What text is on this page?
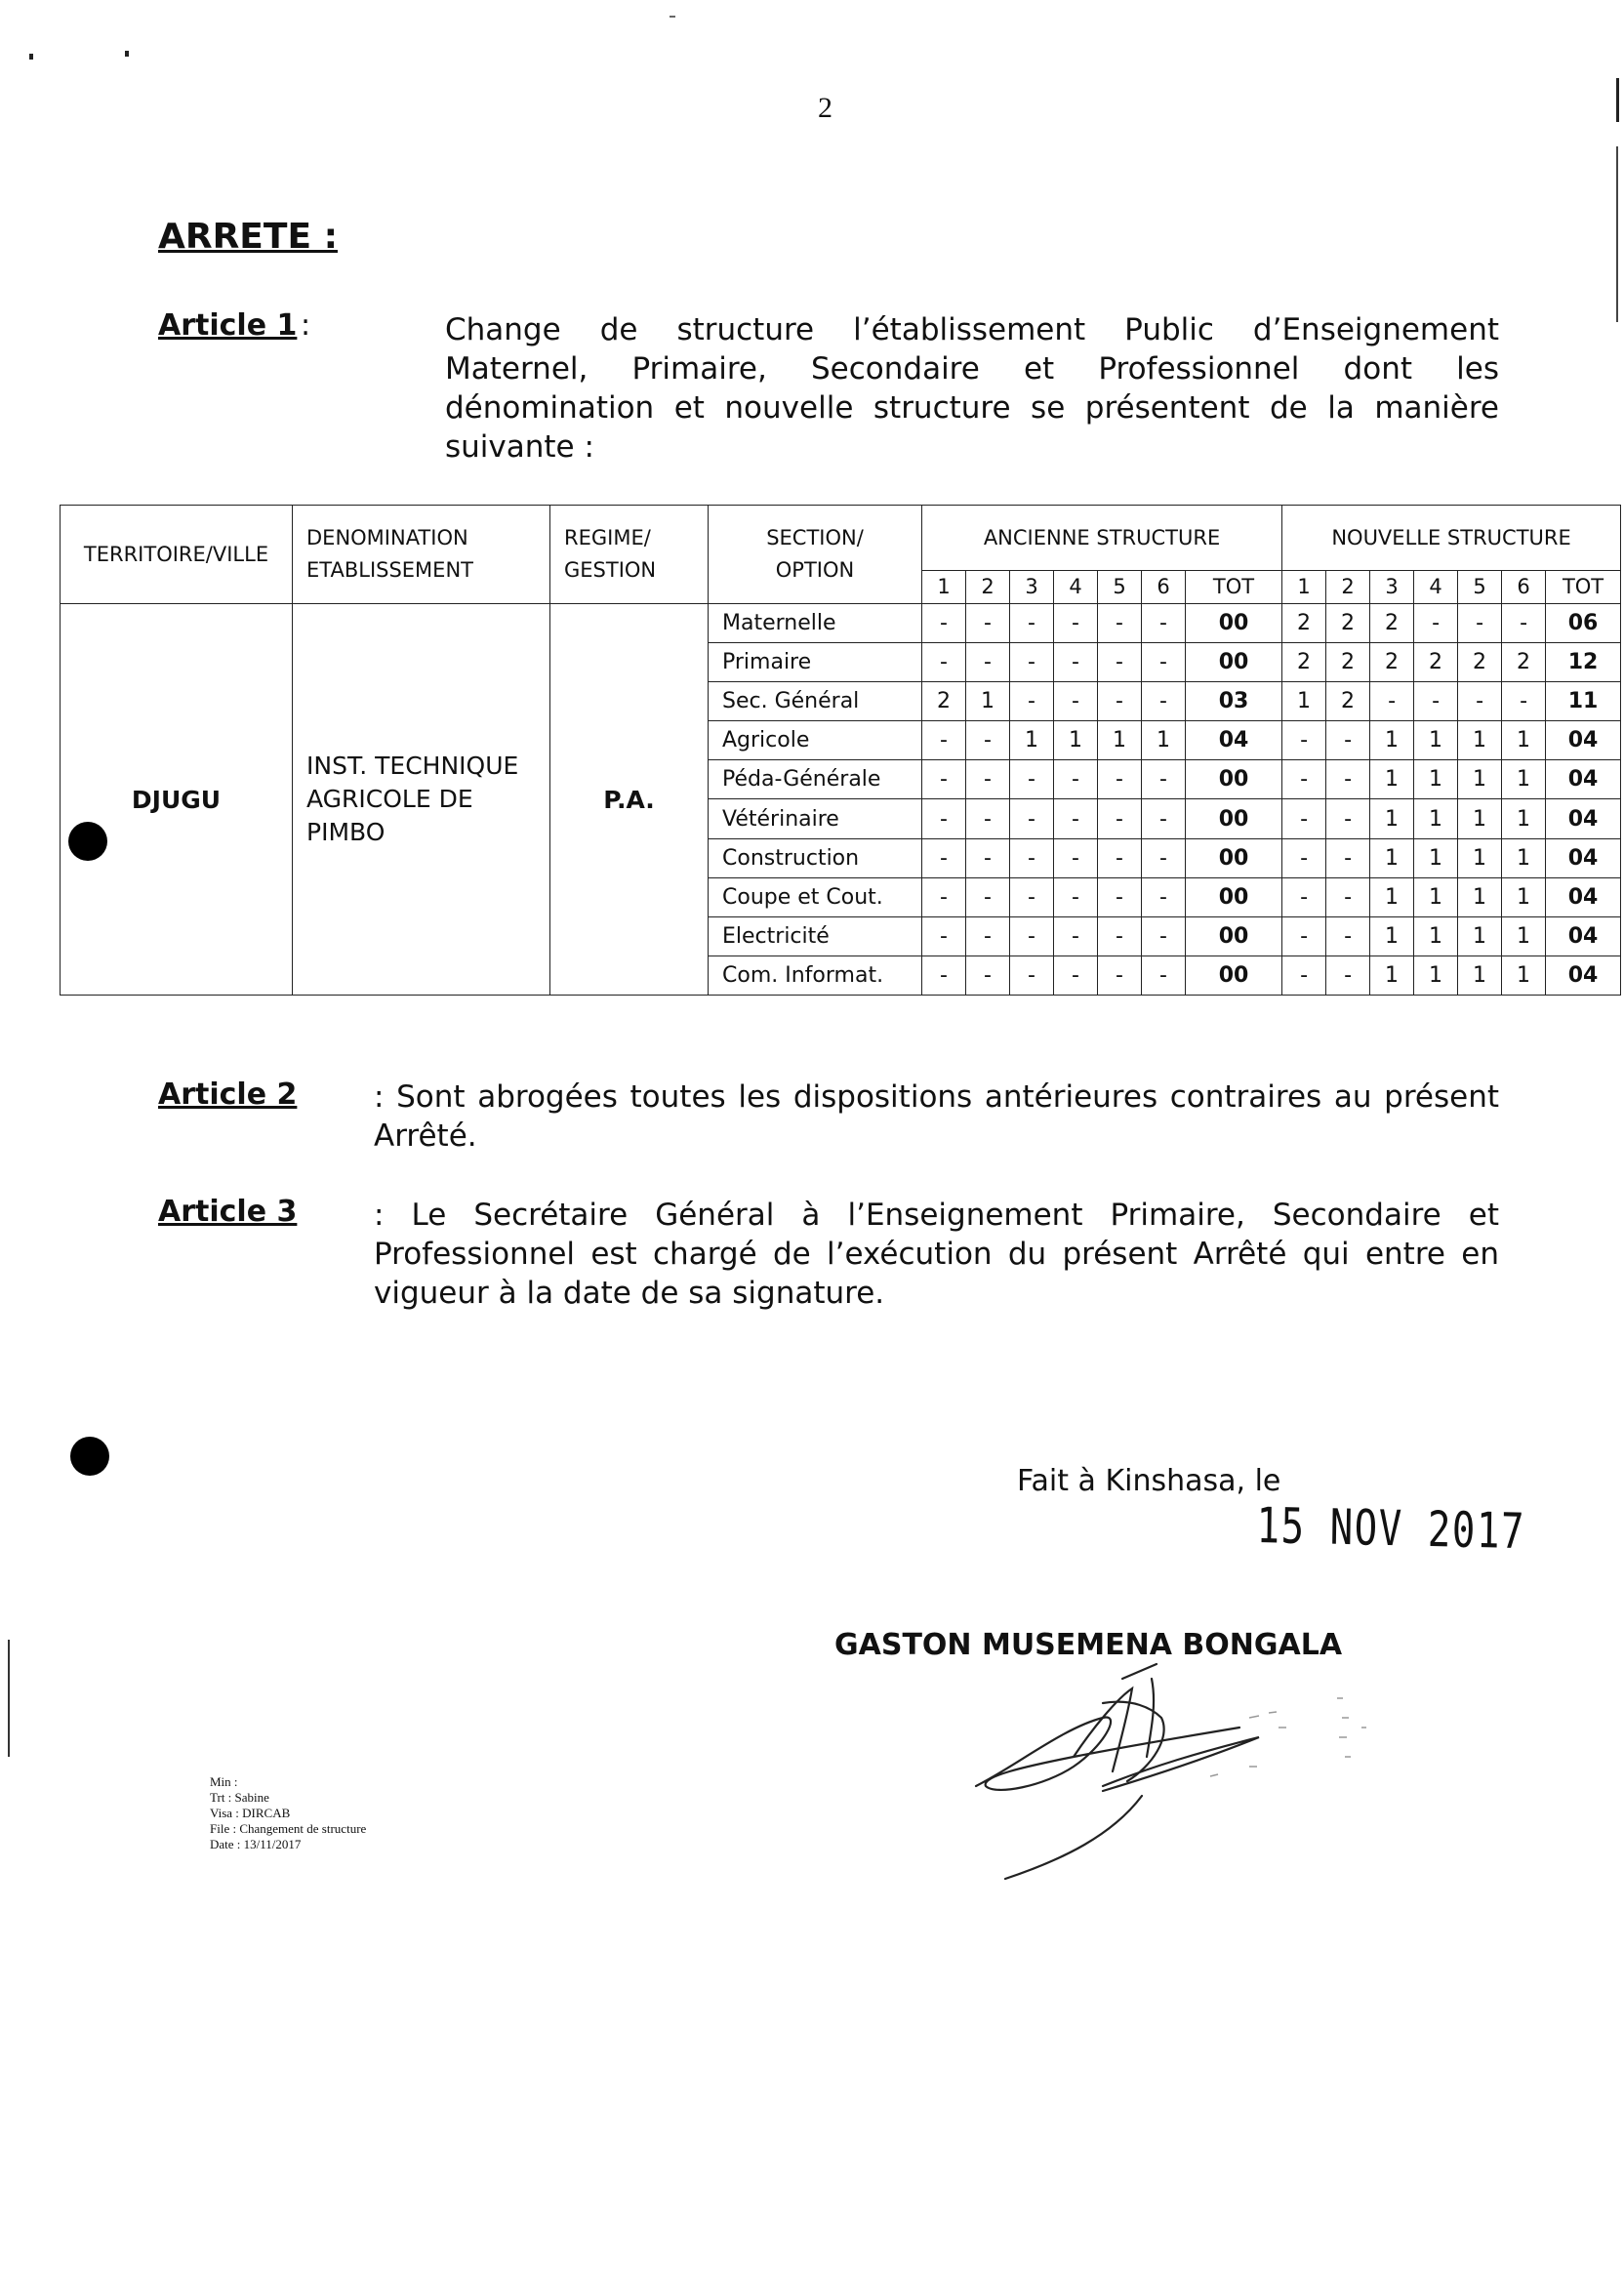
2
ARRETE :
Article 1 :	Change de structure l’établissement Public d’Enseignement Maternel, Primaire, Secondaire et Professionnel dont les dénomination et nouvelle structure se présentent de la manière suivante :
TERRITOIRE/VILLE	DENOMINATION ETABLISSEMENT	REGIME/ GESTION	SECTION/ OPTION	ANCIENNE STRUCTURE							NOUVELLE STRUCTURE						
				1	2	3	4	5	6	TOT	1	2	3	4	5	6	TOT
DJUGU	INST. TECHNIQUE AGRICOLE DE PIMBO	P.A.	Maternelle	-	-	-	-	-	-	00	2	2	2	-	-	-	06
			Primaire	-	-	-	-	-	-	00	2	2	2	2	2	2	12
			Sec. Général	2	1	-	-	-	-	03	1	2	-	-	-	-	11
			Agricole	-	-	1	1	1	1	04	-	-	1	1	1	1	04
			Péda-Générale	-	-	-	-	-	-	00	-	-	1	1	1	1	04
			Vétérinaire	-	-	-	-	-	-	00	-	-	1	1	1	1	04
			Construction	-	-	-	-	-	-	00	-	-	1	1	1	1	04
			Coupe et Cout.	-	-	-	-	-	-	00	-	-	1	1	1	1	04
			Electricité	-	-	-	-	-	-	00	-	-	1	1	1	1	04
			Com. Informat.	-	-	-	-	-	-	00	-	-	1	1	1	1	04
Article 2	: Sont abrogées toutes les dispositions antérieures contraires au présent Arrêté.
Article 3	: Le Secrétaire Général à l’Enseignement Primaire, Secondaire et Professionnel est chargé de l’exécution du présent Arrêté qui entre en vigueur à la date de sa signature.
Fait à Kinshasa, le
15 NOV 2017
GASTON MUSEMENA BONGALA
Min :
Trt : Sabine
Visa : DIRCAB
File : Changement de structure
Date : 13/11/2017
